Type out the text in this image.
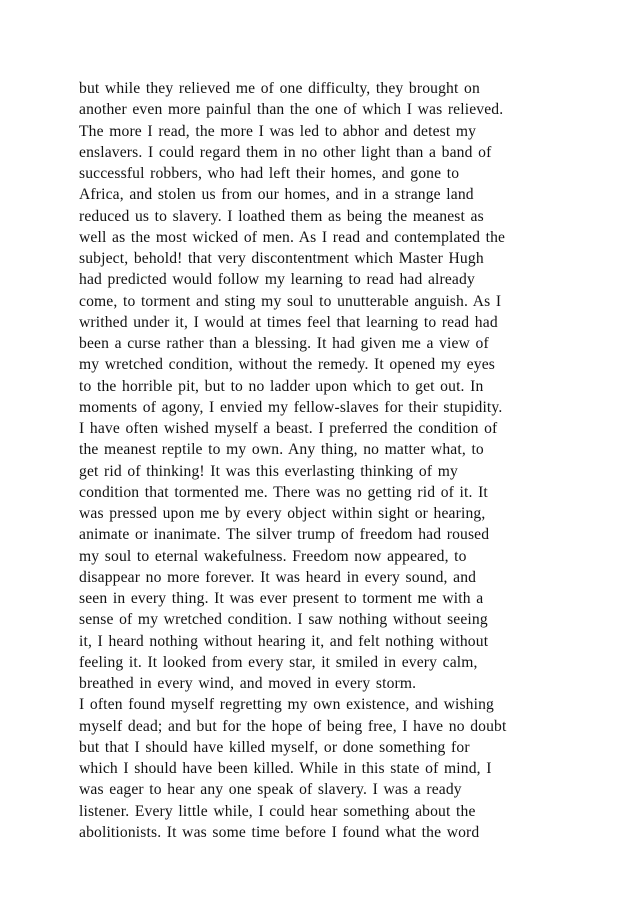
but while they relieved me of one difficulty, they brought on
another even more painful than the one of which I was relieved.
The more I read, the more I was led to abhor and detest my
enslavers. I could regard them in no other light than a band of
successful robbers, who had left their homes, and gone to
Africa, and stolen us from our homes, and in a strange land
reduced us to slavery. I loathed them as being the meanest as
well as the most wicked of men. As I read and contemplated the
subject, behold! that very discontentment which Master Hugh
had predicted would follow my learning to read had already
come, to torment and sting my soul to unutterable anguish. As I
writhed under it, I would at times feel that learning to read had
been a curse rather than a blessing. It had given me a view of
my wretched condition, without the remedy. It opened my eyes
to the horrible pit, but to no ladder upon which to get out. In
moments of agony, I envied my fellow-slaves for their stupidity.
I have often wished myself a beast. I preferred the condition of
the meanest reptile to my own. Any thing, no matter what, to
get rid of thinking! It was this everlasting thinking of my
condition that tormented me. There was no getting rid of it. It
was pressed upon me by every object within sight or hearing,
animate or inanimate. The silver trump of freedom had roused
my soul to eternal wakefulness. Freedom now appeared, to
disappear no more forever. It was heard in every sound, and
seen in every thing. It was ever present to torment me with a
sense of my wretched condition. I saw nothing without seeing
it, I heard nothing without hearing it, and felt nothing without
feeling it. It looked from every star, it smiled in every calm,
breathed in every wind, and moved in every storm.
I often found myself regretting my own existence, and wishing
myself dead; and but for the hope of being free, I have no doubt
but that I should have killed myself, or done something for
which I should have been killed. While in this state of mind, I
was eager to hear any one speak of slavery. I was a ready
listener. Every little while, I could hear something about the
abolitionists. It was some time before I found what the word
